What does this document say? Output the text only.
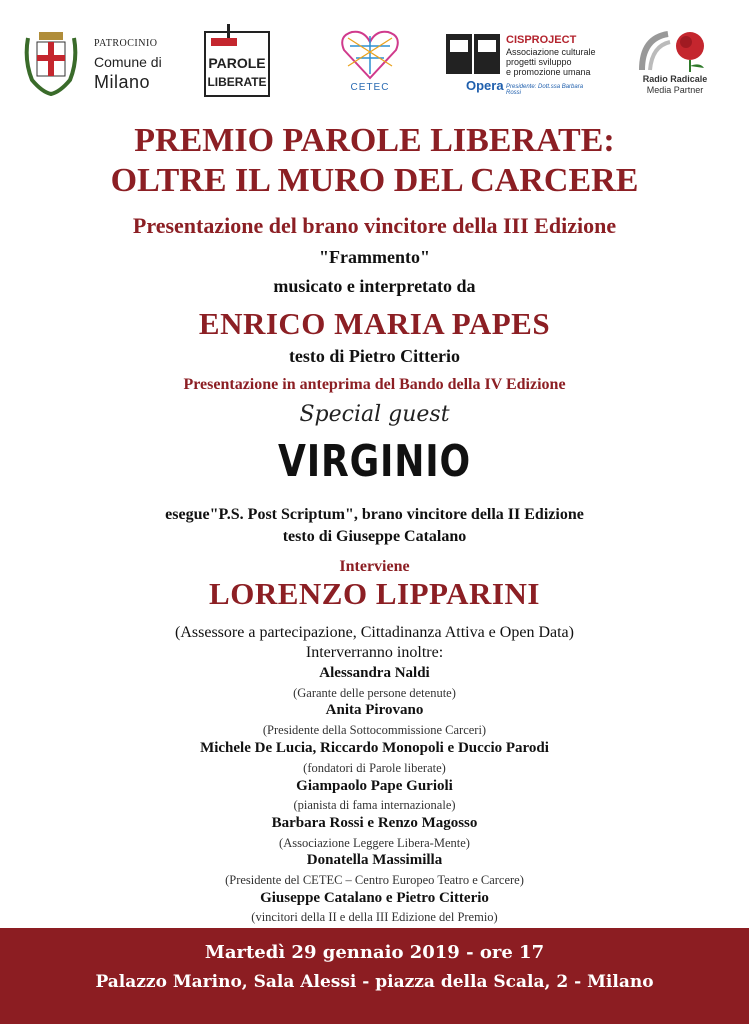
PATROCINIO
Comune di
Milano
PAROLE
LIBERATE	CETEC
CISPROJECT
Associazione culturale
progetti sviluppo
e promozione umana
Opera Presidente: Dott.ssa Barbara Rossi
Radio Radicale
Media Partner
PREMIO PAROLE LIBERATE:
OLTRE IL MURO DEL CARCERE
Presentazione del brano vincitore della III Edizione
"Frammento"
musicato e interpretato da
ENRICO MARIA PAPES
testo di Pietro Citterio
Presentazione in anteprima del Bando della IV Edizione
Special guest
VIRGINIO
esegue"P.S. Post Scriptum", brano vincitore della II Edizione
testo di Giuseppe Catalano
Interviene
LORENZO LIPPARINI
(Assessore a partecipazione, Cittadinanza Attiva e Open Data)
Interverranno inoltre:
Alessandra Naldi
(Garante delle persone detenute)
Anita Pirovano
(Presidente della Sottocommissione Carceri)
Michele De Lucia, Riccardo Monopoli e Duccio Parodi
(fondatori di Parole liberate)
Giampaolo Pape Gurioli
(pianista di fama internazionale)
Barbara Rossi e Renzo Magosso
(Associazione Leggere Libera-Mente)
Donatella Massimilla
(Presidente del CETEC – Centro Europeo Teatro e Carcere)
Giuseppe Catalano e Pietro Citterio
(vincitori della II e della III Edizione del Premio)
Martedì 29 gennaio 2019 - ore 17
Palazzo Marino, Sala Alessi - piazza della Scala, 2 - Milano
